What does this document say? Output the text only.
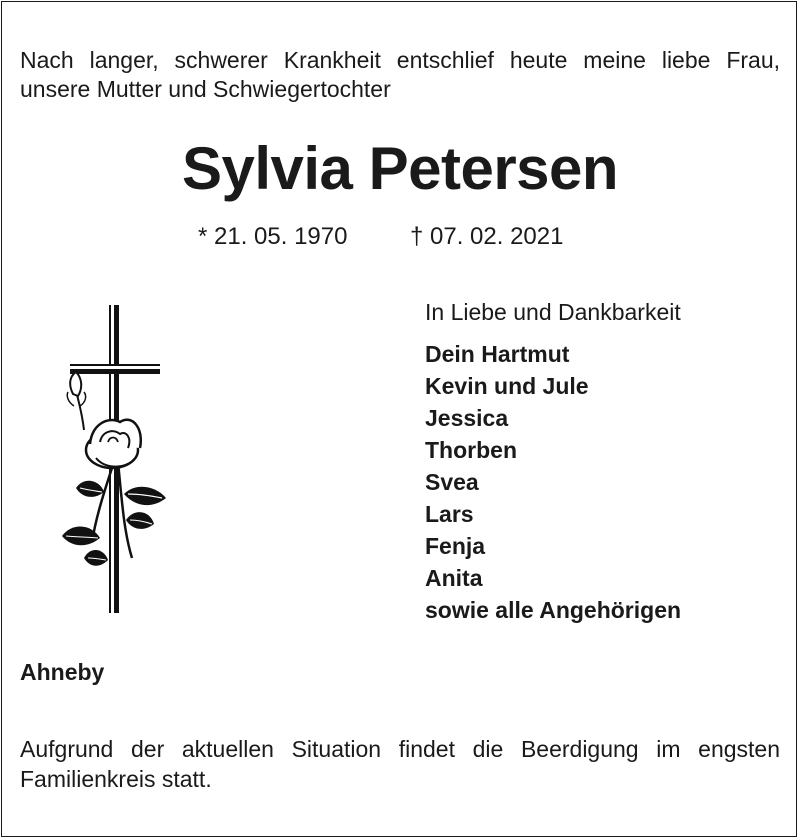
Nach langer, schwerer Krankheit entschlief heute meine liebe Frau, unsere Mutter und Schwiegertochter
Sylvia Petersen
* 21. 05. 1970	† 07. 02. 2021
In Liebe und Dankbarkeit
Dein Hartmut
Kevin und Jule
Jessica
Thorben
Svea
Lars
Fenja
Anita
sowie alle Angehörigen
Ahneby
Aufgrund der aktuellen Situation findet die Beerdigung im engsten Familienkreis statt.
